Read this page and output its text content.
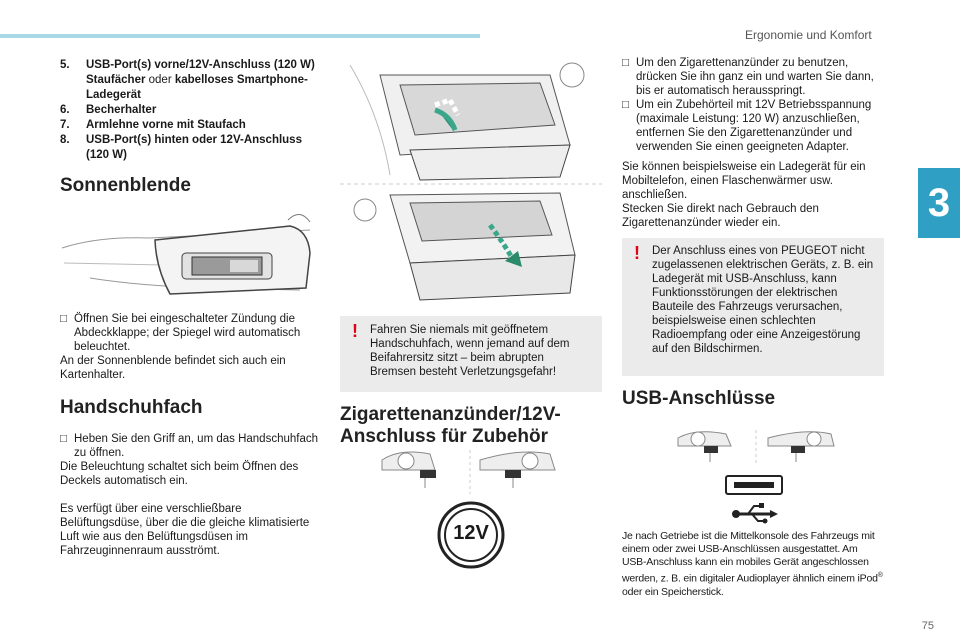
Ergonomie und Komfort
3
75
5.	USB-Port(s) vorne/12V-Anschluss (120 W) Staufächer oder kabelloses Smartphone-Ladegerät
6.	Becherhalter
7.	Armlehne vorne mit Staufach
8.	USB-Port(s) hinten oder 12V-Anschluss (120 W)
Sonnenblende
□ Öffnen Sie bei eingeschalteter Zündung die Abdeckklappe; der Spiegel wird automatisch beleuchtet.

An der Sonnenblende befindet sich auch ein Kartenhalter.

Handschuhfach
□ Heben Sie den Griff an, um das Handschuhfach zu öffnen.

Die Beleuchtung schaltet sich beim Öffnen des Deckels automatisch ein.

Es verfügt über eine verschließbare Belüftungsdüse, über die die gleiche klimatisierte Luft wie aus den Belüftungsdüsen im Fahrzeuginnenraum ausströmt.

! Fahren Sie niemals mit geöffnetem Handschuhfach, wenn jemand auf dem Beifahrersitz sitzt – beim abrupten Bremsen besteht Verletzungsgefahr!

Zigarettenanzünder/12V-Anschluss für Zubehör
12V
□ Um den Zigarettenanzünder zu benutzen, drücken Sie ihn ganz ein und warten Sie dann, bis er automatisch herausspringt.
□ Um ein Zubehörteil mit 12V Betriebsspannung (maximale Leistung: 120 W) anzuschließen, entfernen Sie den Zigarettenanzünder und verwenden Sie einen geeigneten Adapter.

Sie können beispielsweise ein Ladegerät für ein Mobiltelefon, einen Flaschenwärmer usw. anschließen.

Stecken Sie direkt nach Gebrauch den Zigarettenanzünder wieder ein.

! Der Anschluss eines von PEUGEOT nicht zugelassenen elektrischen Geräts, z. B. ein Ladegerät mit USB-Anschluss, kann Funktionsstörungen der elektrischen Bauteile des Fahrzeugs verursachen, beispielsweise einen schlechten Radioempfang oder eine Anzeigestörung auf den Bildschirmen.

USB-Anschlüsse
Je nach Getriebe ist die Mittelkonsole des Fahrzeugs mit einem oder zwei USB-Anschlüssen ausgestattet. Am USB-Anschluss kann ein mobiles Gerät angeschlossen werden, z. B. ein digitaler Audioplayer ähnlich einem iPod® oder ein Speicherstick.
